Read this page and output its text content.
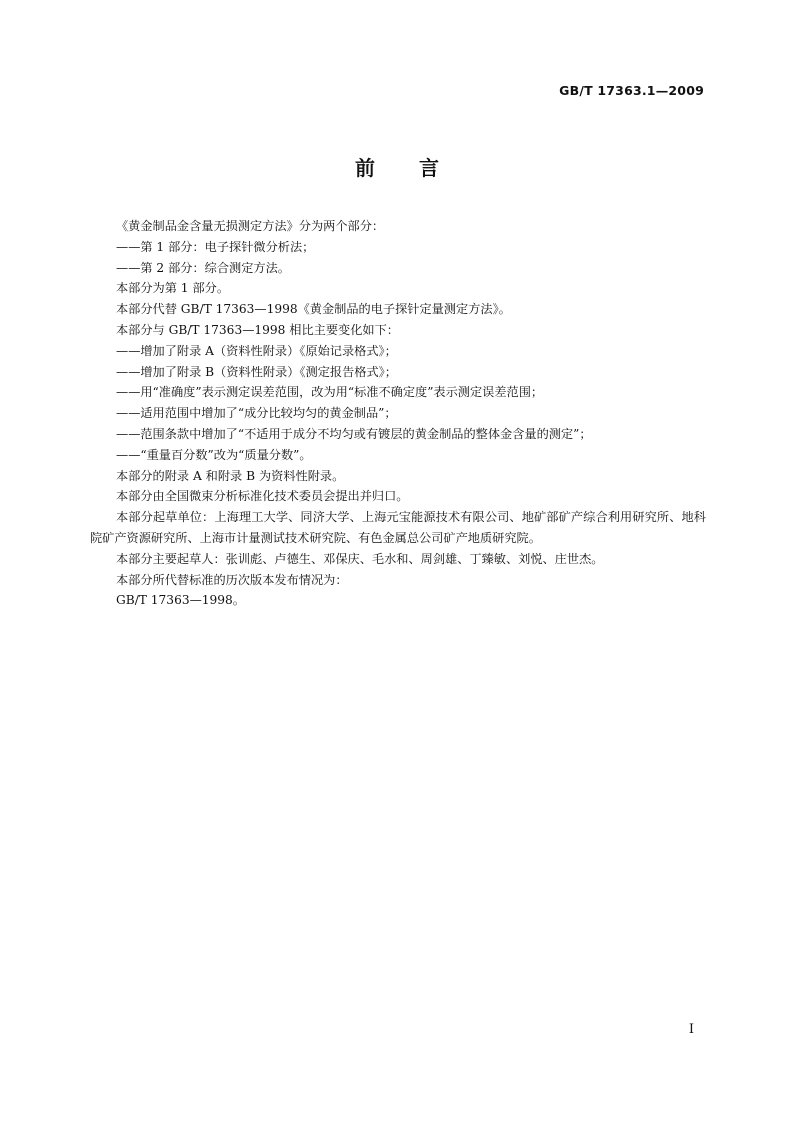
GB/T 17363.1—2009
前言

《黄金制品金含量无损测定方法》分为两个部分：

——第 1 部分：电子探针微分析法；

——第 2 部分：综合测定方法。

本部分为第 1 部分。

本部分代替 GB/T 17363—1998《黄金制品的电子探针定量测定方法》。

本部分与 GB/T 17363—1998 相比主要变化如下：

——增加了附录 A（资料性附录）《原始记录格式》；

——增加了附录 B（资料性附录）《测定报告格式》；

——用“准确度”表示测定误差范围，改为用“标准不确定度”表示测定误差范围；

——适用范围中增加了“成分比较均匀的黄金制品”；

——范围条款中增加了“不适用于成分不均匀或有镀层的黄金制品的整体金含量的测定”；

——“重量百分数”改为“质量分数”。

本部分的附录 A 和附录 B 为资料性附录。

本部分由全国微束分析标准化技术委员会提出并归口。

本部分起草单位：上海理工大学、同济大学、上海元宝能源技术有限公司、地矿部矿产综合利用研究所、地科院矿产资源研究所、上海市计量测试技术研究院、有色金属总公司矿产地质研究院。

本部分主要起草人：张训彪、卢德生、邓保庆、毛水和、周剑雄、丁臻敏、刘悦、庄世杰。

本部分所代替标准的历次版本发布情况为：

GB/T 17363—1998。

I
